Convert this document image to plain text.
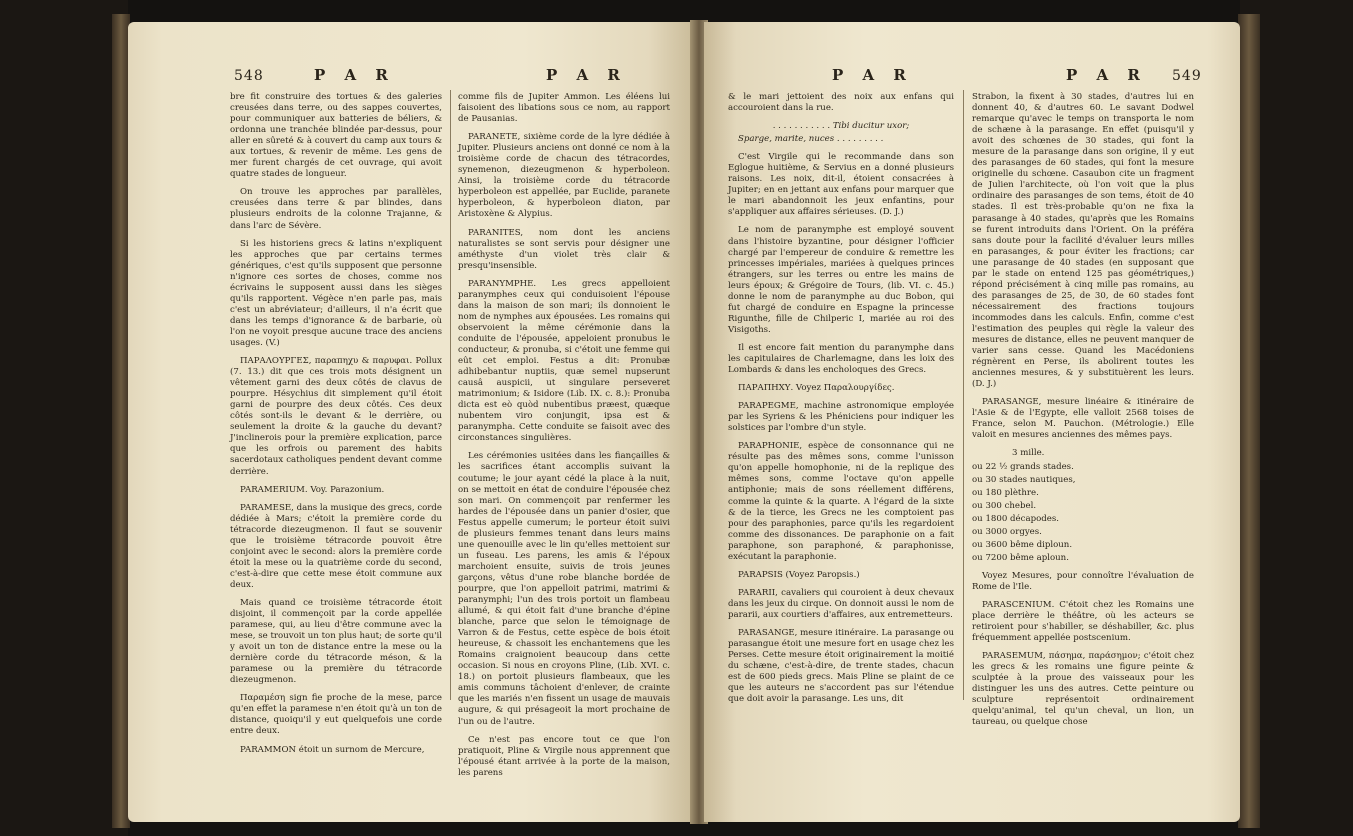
548	P A R	P A R

bre fit construire des tortues & des galeries creusées dans terre, ou des sappes couvertes, pour communiquer aux batteries de béliers, & ordonna une tranchée blindée par-dessus, pour aller en sûreté & à couvert du camp aux tours & aux tortues, & revenir de même. Les gens de mer furent chargés de cet ouvrage, qui avoit quatre stades de longueur.

On trouve les approches par parallèles, creusées dans terre & par blindes, dans plusieurs endroits de la colonne Trajanne, & dans l'arc de Sévère.

Si les historiens grecs & latins n'expliquent les approches que par certains termes génériques, c'est qu'ils supposent que personne n'ignore ces sortes de choses, comme nos écrivains le supposent aussi dans les sièges qu'ils rapportent. Végèce n'en parle pas, mais c'est un abréviateur; d'ailleurs, il n'a écrit que dans les temps d'ignorance & de barbarie, où l'on ne voyoit presque aucune trace des anciens usages. (V.)

ΠΑΡΑΛΟΥΡΓΕΣ, παραπηχυ & παρυφαι. Pollux (7. 13.) dit que ces trois mots désignent un vêtement garni des deux côtés de clavus de pourpre. Hésychius dit simplement qu'il étoit garni de pourpre des deux côtés. Ces deux côtés sont-ils le devant & le derrière, ou seulement la droite & la gauche du devant? J'inclinerois pour la première explication, parce que les orfrois ou parement des habits sacerdotaux catholiques pendent devant comme derrière.

PARAMERIUM. Voy. Parazonium.

PARAMESE, dans la musique des grecs, corde dédiée à Mars; c'étoit la première corde du tétracorde diezeugmenon. Il faut se souvenir que le troisième tétracorde pouvoit être conjoint avec le second: alors la première corde étoit la mese ou la quatrième corde du second, c'est-à-dire que cette mese étoit commune aux deux.

Mais quand ce troisième tétracorde étoit disjoint, il commençoit par la corde appellée paramese, qui, au lieu d'être commune avec la mese, se trouvoit un ton plus haut; de sorte qu'il y avoit un ton de distance entre la mese ou la dernière corde du tétracorde méson, & la paramese ou la première du tétracorde diezeugmenon.

Παραμέση sign fie proche de la mese, parce qu'en effet la paramese n'en étoit qu'à un ton de distance, quoiqu'il y eut quelquefois une corde entre deux.

PARAMMON étoit un surnom de Mercure,

comme fils de Jupiter Ammon. Les éléens lui faisoient des libations sous ce nom, au rapport de Pausanias.

PARANETE, sixième corde de la lyre dédiée à Jupiter. Plusieurs anciens ont donné ce nom à la troisième corde de chacun des tétracordes, synemenon, diezeugmenon & hyperboleon. Ainsi, la troisième corde du tétracorde hyperboleon est appellée, par Euclide, paranete hyperboleon, & hyperboleon diaton, par Aristoxène & Alypius.

PARANITES, nom dont les anciens naturalistes se sont servis pour désigner une améthyste d'un violet très clair & presqu'insensible.

PARANYMPHE. Les grecs appelloient paranymphes ceux qui conduisoient l'épouse dans la maison de son mari; ils donnoient le nom de nymphes aux épousées. Les romains qui observoient la même cérémonie dans la conduite de l'épousée, appeloient pronubus le conducteur, & pronuba, si c'étoit une femme qui eût cet emploi. Festus a dit: Pronubæ adhibebantur nuptiis, quæ semel nupserunt causâ auspicii, ut singulare perseveret matrimonium; & Isidore (Lib. IX. c. 8.): Pronuba dicta est eò quòd nubentibus præest, quæque nubentem viro conjungit, ipsa est & paranympha. Cette conduite se faisoit avec des circonstances singulières.

Les cérémonies usitées dans les fiançailles & les sacrifices étant accomplis suivant la coutume; le jour ayant cédé la place à la nuit, on se mettoit en état de conduire l'épousée chez son mari. On commençoit par renfermer les hardes de l'épousée dans un panier d'osier, que Festus appelle cumerum; le porteur étoit suivi de plusieurs femmes tenant dans leurs mains une quenouille avec le lin qu'elles mettoient sur un fuseau. Les parens, les amis & l'époux marchoient ensuite, suivis de trois jeunes garçons, vêtus d'une robe blanche bordée de pourpre, que l'on appelloit patrimi, matrimi & paranymphi; l'un des trois portoit un flambeau allumé, & qui étoit fait d'une branche d'épine blanche, parce que selon le témoignage de Varron & de Festus, cette espèce de bois étoit heureuse, & chassoit les enchantemens que les Romains craignoient beaucoup dans cette occasion. Si nous en croyons Pline, (Lib. XVI. c. 18.) on portoit plusieurs flambeaux, que les amis communs tâchoient d'enlever, de crainte que les mariés n'en fissent un usage de mauvais augure, & qui présageoit la mort prochaine de l'un ou de l'autre.

Ce n'est pas encore tout ce que l'on pratiquoit, Pline & Virgile nous apprennent que l'épousé étant arrivée à la porte de la maison, les parens

P A R	P A R 549

& le mari jettoient des noix aux enfans qui accouroient dans la rue.

. . . . . . . . . . . Tibi ducitur uxor;

Sparge, marite, nuces . . . . . . . . .

C'est Virgile qui le recommande dans son Eglogue huitième, & Servius en a donné plusieurs raisons. Les noix, dit-il, étoient consacrées à Jupiter; en en jettant aux enfans pour marquer que le mari abandonnoit les jeux enfantins, pour s'appliquer aux affaires sérieuses. (D. J.)

Le nom de paranymphe est employé souvent dans l'histoire byzantine, pour désigner l'officier chargé par l'empereur de conduire & remettre les princesses impériales, mariées à quelques princes étrangers, sur les terres ou entre les mains de leurs époux; & Grégoire de Tours, (lib. VI. c. 45.) donne le nom de paranymphe au duc Bobon, qui fut chargé de conduire en Espagne la princesse Rigunthe, fille de Chilperic I, mariée au roi des Visigoths.

Il est encore fait mention du paranymphe dans les capitulaires de Charlemagne, dans les loix des Lombards & dans les encholoques des Grecs.

ΠΑΡΑΠΗΧΥ. Voyez Παραλουργίδες.

PARAPEGME, machine astronomique employée par les Syriens & les Phéniciens pour indiquer les solstices par l'ombre d'un style.

PARAPHONIE, espèce de consonnance qui ne résulte pas des mêmes sons, comme l'unisson qu'on appelle homophonie, ni de la replique des mêmes sons, comme l'octave qu'on appelle antiphonie; mais de sons réellement différens, comme la quinte & la quarte. A l'égard de la sixte & de la tierce, les Grecs ne les comptoient pas pour des paraphonies, parce qu'ils les regardoient comme des dissonances. De paraphonie on a fait paraphone, son paraphoné, & paraphonisse, exécutant la paraphonie.

PARAPSIS (Voyez Paropsis.)

PARARII, cavaliers qui couroient à deux chevaux dans les jeux du cirque. On donnoit aussi le nom de pararii, aux courtiers d'affaires, aux entremetteurs.

PARASANGE, mesure itinéraire. La parasange ou parasangue étoit une mesure fort en usage chez les Perses. Cette mesure étoit originairement la moitié du schæne, c'est-à-dire, de trente stades, chacun est de 600 pieds grecs. Mais Pline se plaint de ce que les auteurs ne s'accordent pas sur l'étendue que doit avoir la parasange. Les uns, dit

Strabon, la fixent à 30 stades, d'autres lui en donnent 40, & d'autres 60. Le savant Dodwel remarque qu'avec le temps on transporta le nom de schæne à la parasange. En effet (puisqu'il y avoit des schœnes de 30 stades, qui font la mesure de la parasange dans son origine, il y eut des parasanges de 60 stades, qui font la mesure originelle du schœne. Casaubon cite un fragment de Julien l'architecte, où l'on voit que la plus ordinaire des parasanges de son tems, étoit de 40 stades. Il est très-probable qu'on ne fixa la parasange à 40 stades, qu'après que les Romains se furent introduits dans l'Orient. On la préféra sans doute pour la facilité d'évaluer leurs milles en parasanges, & pour éviter les fractions; car une parasange de 40 stades (en supposant que par le stade on entend 125 pas géométriques,) répond précisément à cinq mille pas romains, au des parasanges de 25, de 30, de 60 stades font nécessairement des fractions toujours incommodes dans les calculs. Enfin, comme c'est l'estimation des peuples qui règle la valeur des mesures de distance, elles ne peuvent manquer de varier sans cesse. Quand les Macédoniens régnèrent en Perse, ils abolirent toutes les anciennes mesures, & y substituèrent les leurs. (D. J.)

PARASANGE, mesure linéaire & itinéraire de l'Asie & de l'Egypte, elle valloit 2568 toises de France, selon M. Pauchon. (Métrologie.) Elle valoit en mesures anciennes des mêmes pays.

3 mille.

ou 22 ½ grands stades.

ou 30 stades nautiques,

ou 180 plèthre.

ou 300 chebel.

ou 1800 décapodes.

ou 3000 orgyes.

ou 3600 bême diploun.

ou 7200 bême aploun.

Voyez Mesures, pour connoître l'évaluation de Rome de l'Ile.

PARASCENIUM. C'étoit chez les Romains une place derrière le théâtre, où les acteurs se retiroient pour s'habiller, se déshabiller, &c. plus fréquemment appellée postscenium.

PARASEMUM, πάσημα, παράσημον; c'étoit chez les grecs & les romains une figure peinte & sculptée à la proue des vaisseaux pour les distinguer les uns des autres. Cette peinture ou sculpture représentoit ordinairement quelqu'animal, tel qu'un cheval, un lion, un taureau, ou quelque chose
